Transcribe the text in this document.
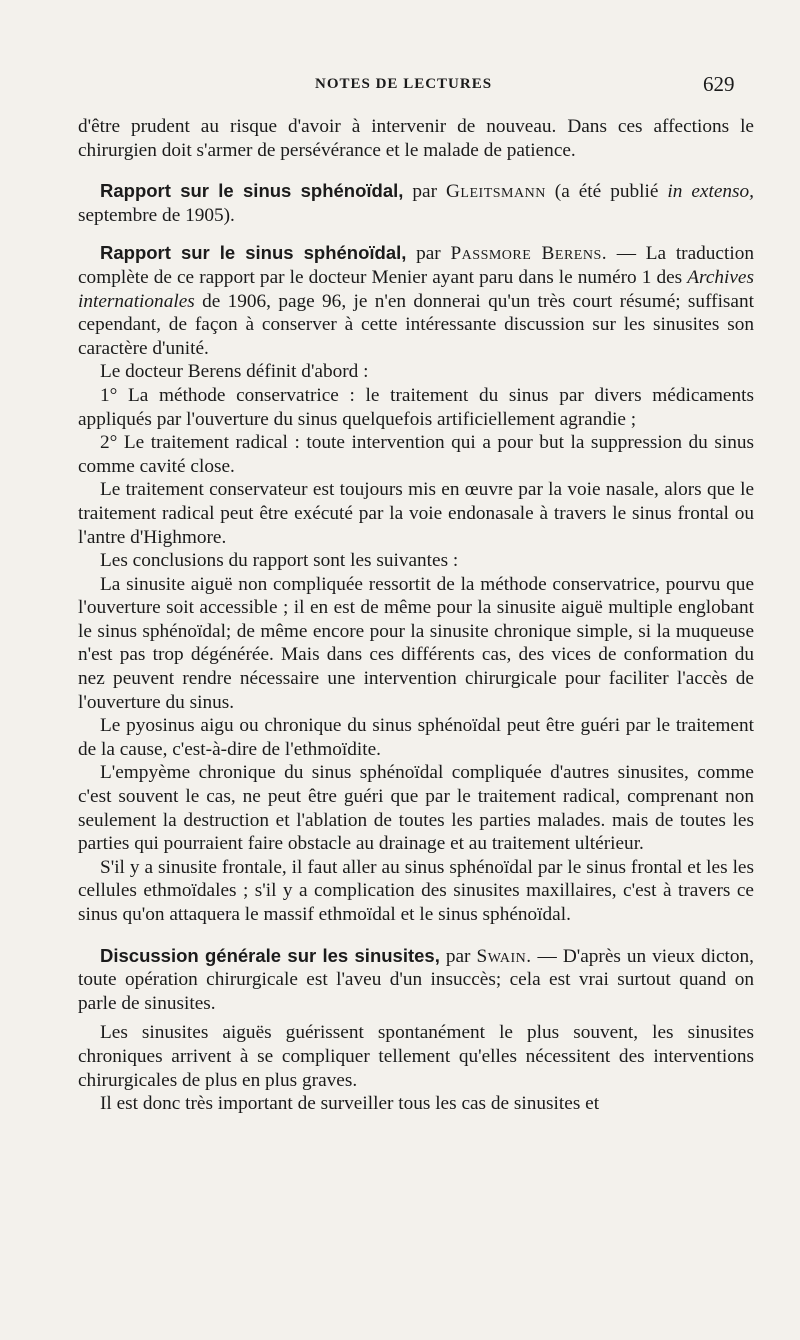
NOTES DE LECTURES	629

d'être prudent au risque d'avoir à intervenir de nouveau. Dans ces affections le chirurgien doit s'armer de persévérance et le malade de patience.

Rapport sur le sinus sphénoïdal, par Gleitsmann (a été publié in extenso, septembre de 1905).

Rapport sur le sinus sphénoïdal, par Passmore Berens. — La traduction complète de ce rapport par le docteur Menier ayant paru dans le numéro 1 des Archives internationales de 1906, page 96, je n'en donnerai qu'un très court résumé; suffisant cependant, de façon à conserver à cette intéressante discussion sur les sinusites son caractère d'unité.

Le docteur Berens définit d'abord :

1° La méthode conservatrice : le traitement du sinus par divers médicaments appliqués par l'ouverture du sinus quelquefois artificiellement agrandie ;

2° Le traitement radical : toute intervention qui a pour but la suppression du sinus comme cavité close.

Le traitement conservateur est toujours mis en œuvre par la voie nasale, alors que le traitement radical peut être exécuté par la voie endonasale à travers le sinus frontal ou l'antre d'Highmore.

Les conclusions du rapport sont les suivantes :

La sinusite aiguë non compliquée ressortit de la méthode conservatrice, pourvu que l'ouverture soit accessible ; il en est de même pour la sinusite aiguë multiple englobant le sinus sphénoïdal; de même encore pour la sinusite chronique simple, si la muqueuse n'est pas trop dégénérée. Mais dans ces différents cas, des vices de conformation du nez peuvent rendre nécessaire une intervention chirurgicale pour faciliter l'accès de l'ouverture du sinus.

Le pyosinus aigu ou chronique du sinus sphénoïdal peut être guéri par le traitement de la cause, c'est-à-dire de l'ethmoïdite.

L'empyème chronique du sinus sphénoïdal compliquée d'autres sinusites, comme c'est souvent le cas, ne peut être guéri que par le traitement radical, comprenant non seulement la destruction et l'ablation de toutes les parties malades. mais de toutes les parties qui pourraient faire obstacle au drainage et au traitement ultérieur.

S'il y a sinusite frontale, il faut aller au sinus sphénoïdal par le sinus frontal et les les cellules ethmoïdales ; s'il y a complication des sinusites maxillaires, c'est à travers ce sinus qu'on attaquera le massif ethmoïdal et le sinus sphénoïdal.

Discussion générale sur les sinusites, par Swain. — D'après un vieux dicton, toute opération chirurgicale est l'aveu d'un insuccès; cela est vrai surtout quand on parle de sinusites.

Les sinusites aiguës guérissent spontanément le plus souvent, les sinusites chroniques arrivent à se compliquer tellement qu'elles nécessitent des interventions chirurgicales de plus en plus graves.

Il est donc très important de surveiller tous les cas de sinusites et
